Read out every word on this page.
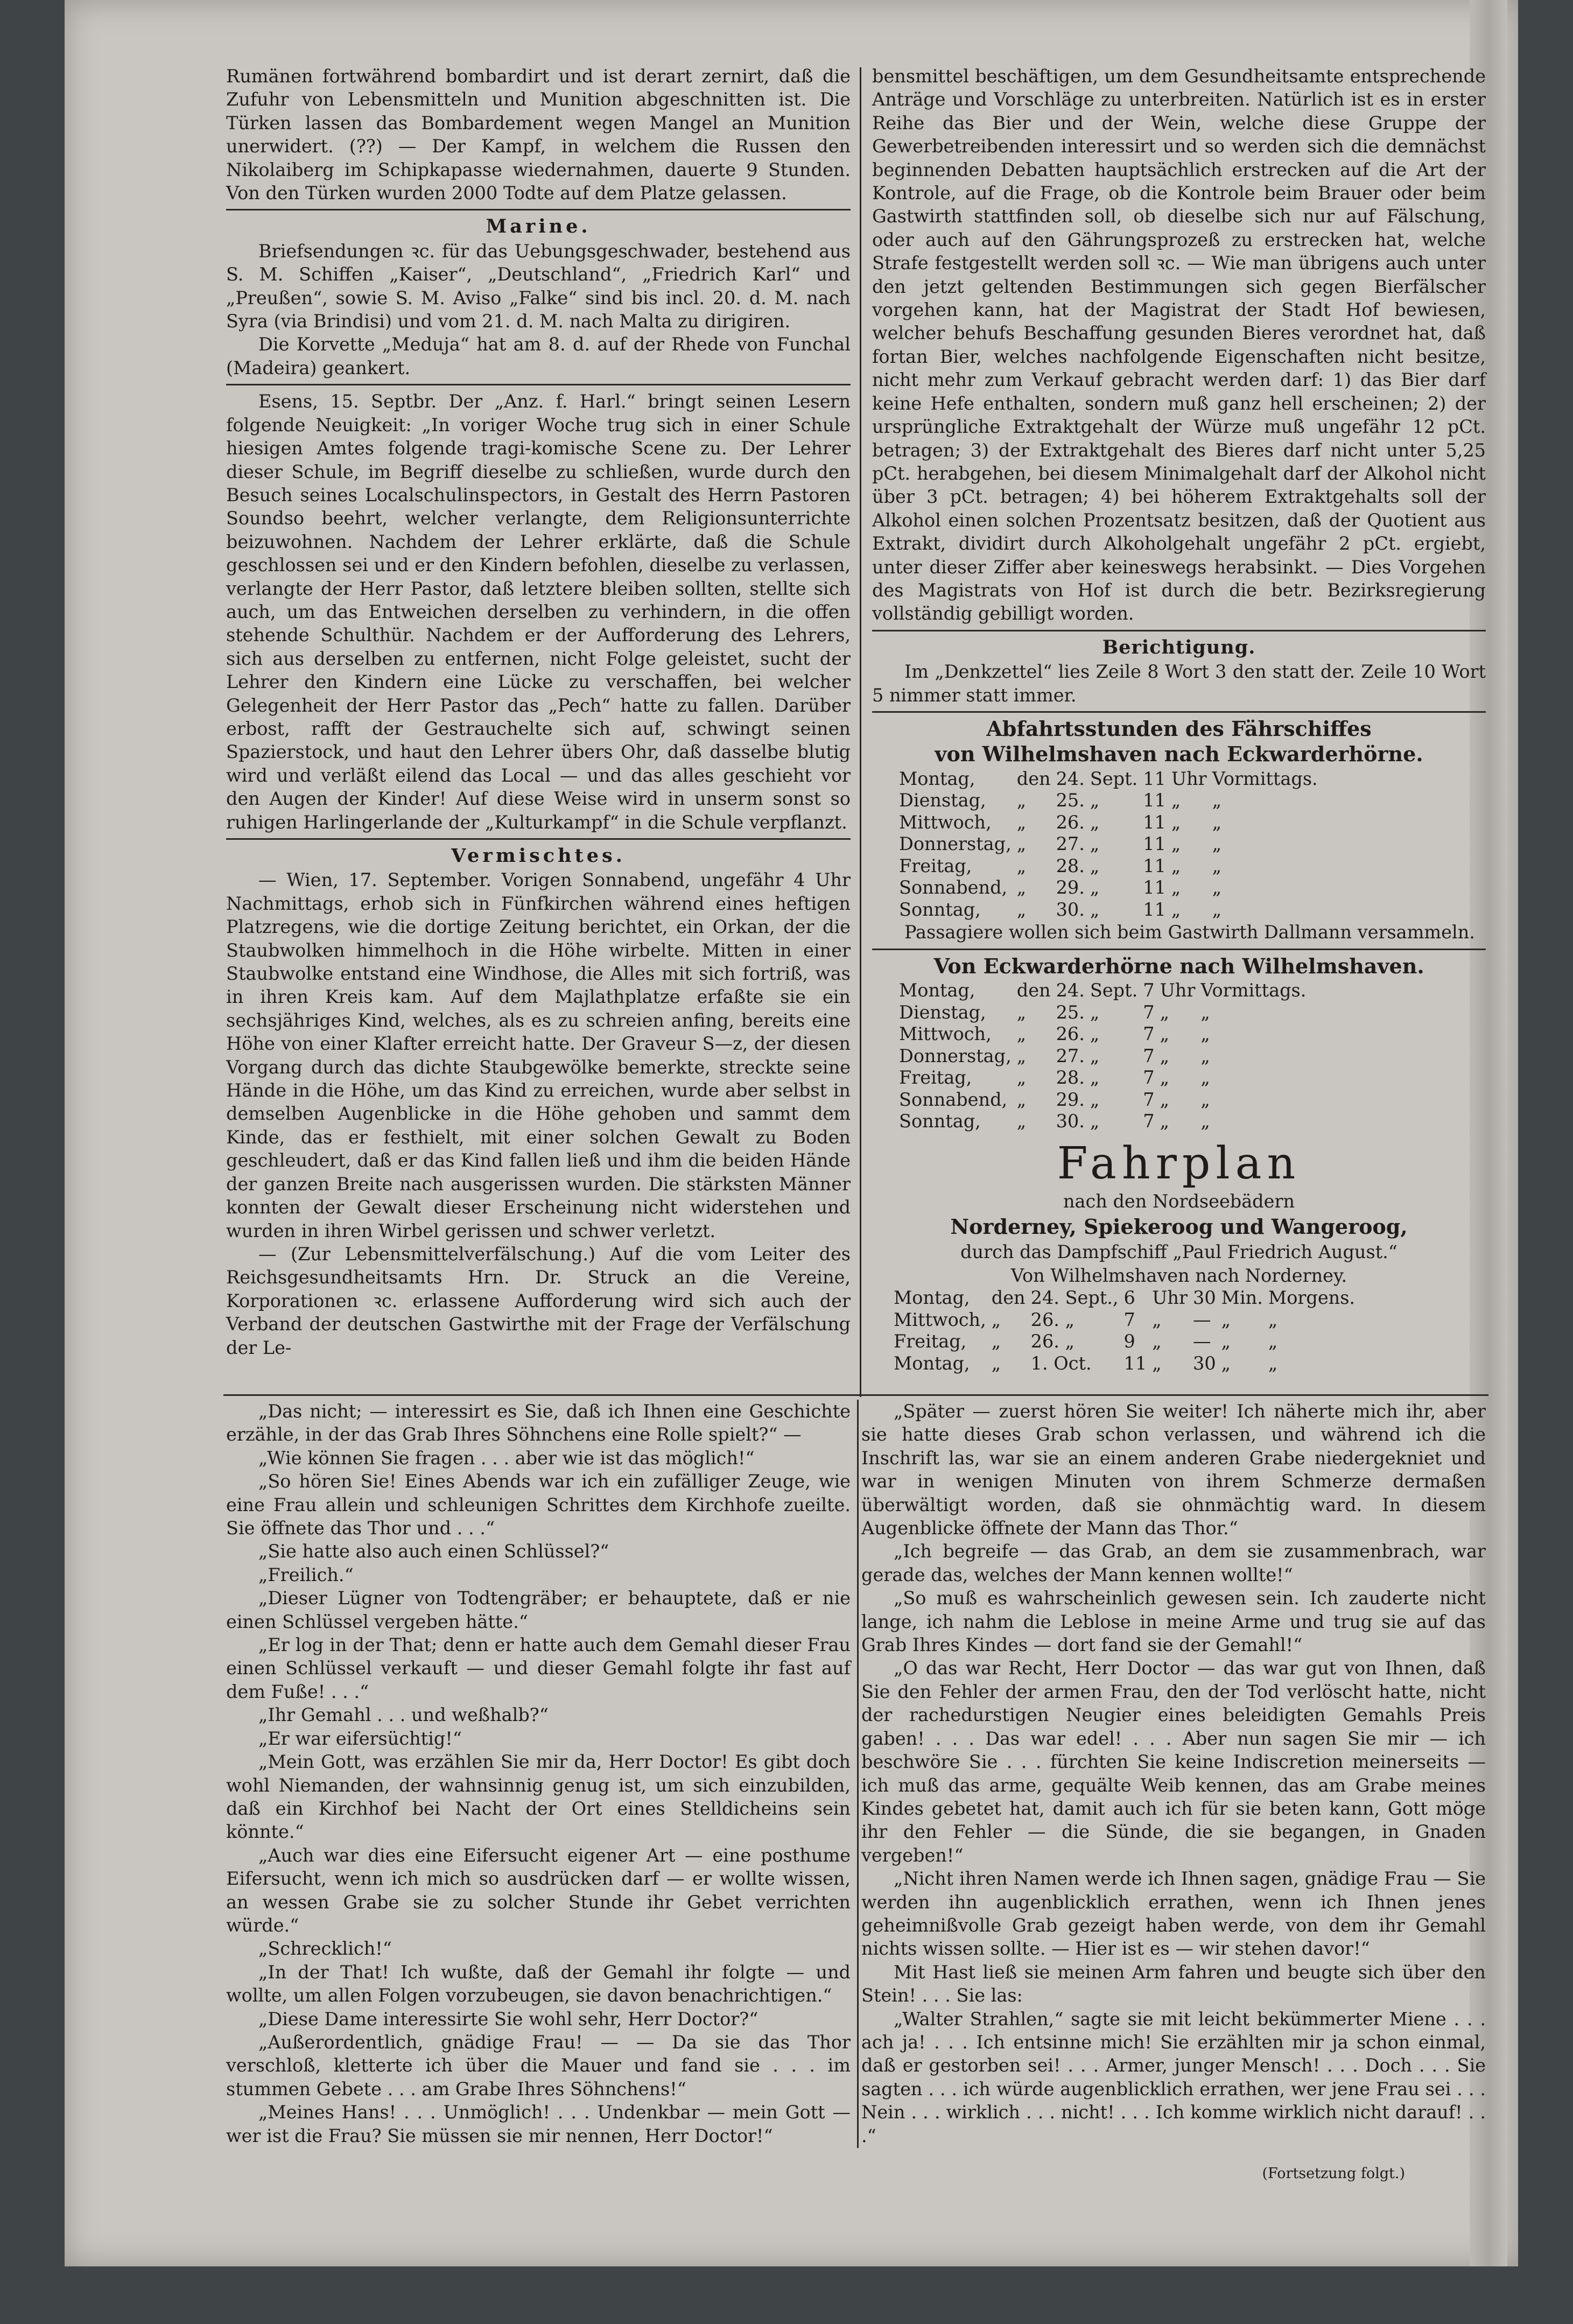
Rumänen fortwährend bombardirt und ist derart zernirt, daß die Zufuhr von Lebensmitteln und Munition abgeschnitten ist. Die Türken lassen das Bombardement wegen Mangel an Munition unerwidert. (??) — Der Kampf, in welchem die Russen den Nikolaiberg im Schipkapasse wiedernahmen, dauerte 9 Stunden. Von den Türken wurden 2000 Todte auf dem Platze gelassen.

Marine.

Briefsendungen ꝛc. für das Uebungsgeschwader, bestehend aus S. M. Schiffen „Kaiser“, „Deutschland“, „Friedrich Karl“ und „Preußen“, sowie S. M. Aviso „Falke“ sind bis incl. 20. d. M. nach Syra (via Brindisi) und vom 21. d. M. nach Malta zu dirigiren.

Die Korvette „Meduja“ hat am 8. d. auf der Rhede von Funchal (Madeira) geankert.

Esens, 15. Septbr. Der „Anz. f. Harl.“ bringt seinen Lesern folgende Neuigkeit: „In voriger Woche trug sich in einer Schule hiesigen Amtes folgende tragi-komische Scene zu. Der Lehrer dieser Schule, im Begriff dieselbe zu schließen, wurde durch den Besuch seines Localschulinspectors, in Gestalt des Herrn Pastoren Soundso beehrt, welcher verlangte, dem Religionsunterrichte beizuwohnen. Nachdem der Lehrer erklärte, daß die Schule geschlossen sei und er den Kindern befohlen, dieselbe zu verlassen, verlangte der Herr Pastor, daß letztere bleiben sollten, stellte sich auch, um das Entweichen derselben zu verhindern, in die offen stehende Schulthür. Nachdem er der Aufforderung des Lehrers, sich aus derselben zu entfernen, nicht Folge geleistet, sucht der Lehrer den Kindern eine Lücke zu verschaffen, bei welcher Gelegenheit der Herr Pastor das „Pech“ hatte zu fallen. Darüber erbost, rafft der Gestrauchelte sich auf, schwingt seinen Spazierstock, und haut den Lehrer übers Ohr, daß dasselbe blutig wird und verläßt eilend das Local — und das alles geschieht vor den Augen der Kinder! Auf diese Weise wird in unserm sonst so ruhigen Harlingerlande der „Kulturkampf“ in die Schule verpflanzt.

Vermischtes.

— Wien, 17. September. Vorigen Sonnabend, ungefähr 4 Uhr Nachmittags, erhob sich in Fünfkirchen während eines heftigen Platzregens, wie die dortige Zeitung berichtet, ein Orkan, der die Staubwolken himmelhoch in die Höhe wirbelte. Mitten in einer Staubwolke entstand eine Windhose, die Alles mit sich fortriß, was in ihren Kreis kam. Auf dem Majlathplatze erfaßte sie ein sechsjähriges Kind, welches, als es zu schreien anfing, bereits eine Höhe von einer Klafter erreicht hatte. Der Graveur S—z, der diesen Vorgang durch das dichte Staubgewölke bemerkte, streckte seine Hände in die Höhe, um das Kind zu erreichen, wurde aber selbst in demselben Augenblicke in die Höhe gehoben und sammt dem Kinde, das er festhielt, mit einer solchen Gewalt zu Boden geschleudert, daß er das Kind fallen ließ und ihm die beiden Hände der ganzen Breite nach ausgerissen wurden. Die stärksten Männer konnten der Gewalt dieser Erscheinung nicht widerstehen und wurden in ihren Wirbel gerissen und schwer verletzt.

— (Zur Lebensmittelverfälschung.) Auf die vom Leiter des Reichsgesundheitsamts Hrn. Dr. Struck an die Vereine, Korporationen ꝛc. erlassene Aufforderung wird sich auch der Verband der deutschen Gastwirthe mit der Frage der Verfälschung der Le-

bensmittel beschäftigen, um dem Gesundheitsamte entsprechende Anträge und Vorschläge zu unterbreiten. Natürlich ist es in erster Reihe das Bier und der Wein, welche diese Gruppe der Gewerbetreibenden interessirt und so werden sich die demnächst beginnenden Debatten hauptsächlich erstrecken auf die Art der Kontrole, auf die Frage, ob die Kontrole beim Brauer oder beim Gastwirth stattfinden soll, ob dieselbe sich nur auf Fälschung, oder auch auf den Gährungsprozeß zu erstrecken hat, welche Strafe festgestellt werden soll ꝛc. — Wie man übrigens auch unter den jetzt geltenden Bestimmungen sich gegen Bierfälscher vorgehen kann, hat der Magistrat der Stadt Hof bewiesen, welcher behufs Beschaffung gesunden Bieres verordnet hat, daß fortan Bier, welches nachfolgende Eigenschaften nicht besitze, nicht mehr zum Verkauf gebracht werden darf: 1) das Bier darf keine Hefe enthalten, sondern muß ganz hell erscheinen; 2) der ursprüngliche Extraktgehalt der Würze muß ungefähr 12 pCt. betragen; 3) der Extraktgehalt des Bieres darf nicht unter 5,25 pCt. herabgehen, bei diesem Minimalgehalt darf der Alkohol nicht über 3 pCt. betragen; 4) bei höherem Extraktgehalts soll der Alkohol einen solchen Prozentsatz besitzen, daß der Quotient aus Extrakt, dividirt durch Alkoholgehalt ungefähr 2 pCt. ergiebt, unter dieser Ziffer aber keineswegs herabsinkt. — Dies Vorgehen des Magistrats von Hof ist durch die betr. Bezirksregierung vollständig gebilligt worden.

Berichtigung.

Im „Denkzettel“ lies Zeile 8 Wort 3 den statt der. Zeile 10 Wort 5 nimmer statt immer.

Abfahrtsstunden des Fährschiffes
von Wilhelmshaven nach Eckwarderhörne.
Montag,	den	24.	Sept.	11	Uhr	Vormittags.
Dienstag,	„	25.	„	11	„	„
Mittwoch,	„	26.	„	11	„	„
Donnerstag,	„	27.	„	11	„	„
Freitag,	„	28.	„	11	„	„
Sonnabend,	„	29.	„	11	„	„
Sonntag,	„	30.	„	11	„	„

Passagiere wollen sich beim Gastwirth Dallmann versammeln.

Von Eckwarderhörne nach Wilhelmshaven.
Montag,	den	24.	Sept.	7	Uhr	Vormittags.
Dienstag,	„	25.	„	7	„	„
Mittwoch,	„	26.	„	7	„	„
Donnerstag,	„	27.	„	7	„	„
Freitag,	„	28.	„	7	„	„
Sonnabend,	„	29.	„	7	„	„
Sonntag,	„	30.	„	7	„	„
Fahrplan
nach den Nordseebädern
Norderney, Spiekeroog und Wangeroog,
durch das Dampfschiff „Paul Friedrich August.“
Von Wilhelmshaven nach Norderney.
Montag,	den	24. Sept.,	6	Uhr	30	Min.	Morgens.
Mittwoch,	„	26. „	7	„	—	„	„
Freitag,	„	26. „	9	„	—	„	„
Montag,	„	1. Oct.	11	„	30	„	„

„Das nicht; — interessirt es Sie, daß ich Ihnen eine Geschichte erzähle, in der das Grab Ihres Söhnchens eine Rolle spielt?“ —

„Wie können Sie fragen . . . aber wie ist das möglich!“

„So hören Sie! Eines Abends war ich ein zufälliger Zeuge, wie eine Frau allein und schleunigen Schrittes dem Kirchhofe zueilte. Sie öffnete das Thor und . . .“

„Sie hatte also auch einen Schlüssel?“

„Freilich.“

„Dieser Lügner von Todtengräber; er behauptete, daß er nie einen Schlüssel vergeben hätte.“

„Er log in der That; denn er hatte auch dem Gemahl dieser Frau einen Schlüssel verkauft — und dieser Gemahl folgte ihr fast auf dem Fuße! . . .“

„Ihr Gemahl . . . und weßhalb?“

„Er war eifersüchtig!“

„Mein Gott, was erzählen Sie mir da, Herr Doctor! Es gibt doch wohl Niemanden, der wahnsinnig genug ist, um sich einzubilden, daß ein Kirchhof bei Nacht der Ort eines Stelldicheins sein könnte.“

„Auch war dies eine Eifersucht eigener Art — eine posthume Eifersucht, wenn ich mich so ausdrücken darf — er wollte wissen, an wessen Grabe sie zu solcher Stunde ihr Gebet verrichten würde.“

„Schrecklich!“

„In der That! Ich wußte, daß der Gemahl ihr folgte — und wollte, um allen Folgen vorzubeugen, sie davon benachrichtigen.“

„Diese Dame interessirte Sie wohl sehr, Herr Doctor?“

„Außerordentlich, gnädige Frau! — — Da sie das Thor verschloß, kletterte ich über die Mauer und fand sie . . . im stummen Gebete . . . am Grabe Ihres Söhnchens!“

„Meines Hans! . . . Unmöglich! . . . Undenkbar — mein Gott — wer ist die Frau? Sie müssen sie mir nennen, Herr Doctor!“

„Später — zuerst hören Sie weiter! Ich näherte mich ihr, aber sie hatte dieses Grab schon verlassen, und während ich die Inschrift las, war sie an einem anderen Grabe niedergekniet und war in wenigen Minuten von ihrem Schmerze dermaßen überwältigt worden, daß sie ohnmächtig ward. In diesem Augenblicke öffnete der Mann das Thor.“

„Ich begreife — das Grab, an dem sie zusammenbrach, war gerade das, welches der Mann kennen wollte!“

„So muß es wahrscheinlich gewesen sein. Ich zauderte nicht lange, ich nahm die Leblose in meine Arme und trug sie auf das Grab Ihres Kindes — dort fand sie der Gemahl!“

„O das war Recht, Herr Doctor — das war gut von Ihnen, daß Sie den Fehler der armen Frau, den der Tod verlöscht hatte, nicht der rachedurstigen Neugier eines beleidigten Gemahls Preis gaben! . . . Das war edel! . . . Aber nun sagen Sie mir — ich beschwöre Sie . . . fürchten Sie keine Indiscretion meinerseits — ich muß das arme, gequälte Weib kennen, das am Grabe meines Kindes gebetet hat, damit auch ich für sie beten kann, Gott möge ihr den Fehler — die Sünde, die sie begangen, in Gnaden vergeben!“

„Nicht ihren Namen werde ich Ihnen sagen, gnädige Frau — Sie werden ihn augenblicklich errathen, wenn ich Ihnen jenes geheimnißvolle Grab gezeigt haben werde, von dem ihr Gemahl nichts wissen sollte. — Hier ist es — wir stehen davor!“

Mit Hast ließ sie meinen Arm fahren und beugte sich über den Stein! . . . Sie las:

„Walter Strahlen,“ sagte sie mit leicht bekümmerter Miene . . . ach ja! . . . Ich entsinne mich! Sie erzählten mir ja schon einmal, daß er gestorben sei! . . . Armer, junger Mensch! . . . Doch . . . Sie sagten . . . ich würde augenblicklich errathen, wer jene Frau sei . . . Nein . . . wirklich . . . nicht! . . . Ich komme wirklich nicht darauf! . . .“

(Fortsetzung folgt.)
